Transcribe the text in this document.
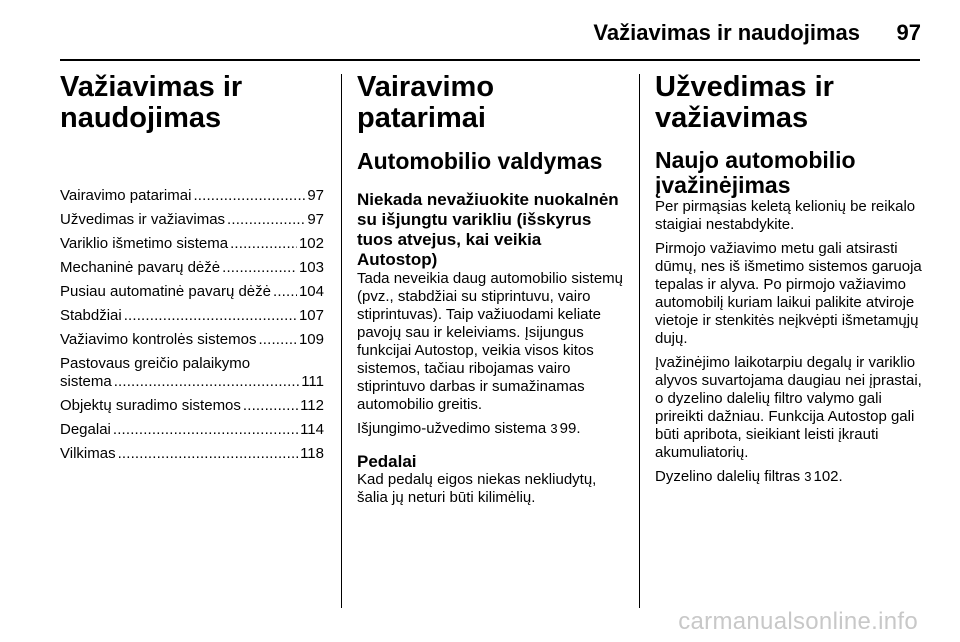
Važiavimas ir naudojimas 97
Važiavimas ir naudojimas
Vairavimo patarimai . . .	97
Užvedimas ir važiavimas . . .	97
Variklio išmetimo sistema . . .	102
Mechaninė pavarų dėžė . . .	103
Pusiau automatinė pavarų dėžė . . . 104
Stabdžiai . . .	107
Važiavimo kontrolės sistemos . . .	109
Pastovaus greičio palaikymo
sistema . . .	111
Objektų suradimo sistemos . . .	112
Degalai . . .	114
Vilkimas . . .	118
Vairavimo patarimai
Automobilio valdymas
Niekada nevažiuokite nuokalnėn su išjungtu varikliu (išskyrus tuos atvejus, kai veikia Autostop)

Tada neveikia daug automobilio sistemų (pvz., stabdžiai su stiprintuvu, vairo stiprintuvas). Taip važiuodami keliate pavojų sau ir keleiviams. Įsijungus funkcijai Autostop, veikia visos kitos sistemos, tačiau ribojamas vairo stiprintuvo darbas ir sumažinamas automobilio greitis.

Išjungimo-užvedimo sistema 3 99.

Pedalai

Kad pedalų eigos niekas nekliudytų, šalia jų neturi būti kilimėlių.

Užvedimas ir važiavimas
Naujo automobilio įvažinėjimas

Per pirmąsias keletą kelionių be reikalo staigiai nestabdykite.

Pirmojo važiavimo metu gali atsirasti dūmų, nes iš išmetimo sistemos garuoja tepalas ir alyva. Po pirmojo važiavimo automobilį kuriam laikui palikite atviroje vietoje ir stenkitės neįkvėpti išmetamųjų dujų.

Įvažinėjimo laikotarpiu degalų ir variklio alyvos suvartojama daugiau nei įprastai, o dyzelino dalelių filtro valymo gali prireikti dažniau. Funkcija Autostop gali būti apribota, sieikiant leisti įkrauti akumuliatorių.

Dyzelino dalelių filtras 3 102.

carmanualsonline.info
